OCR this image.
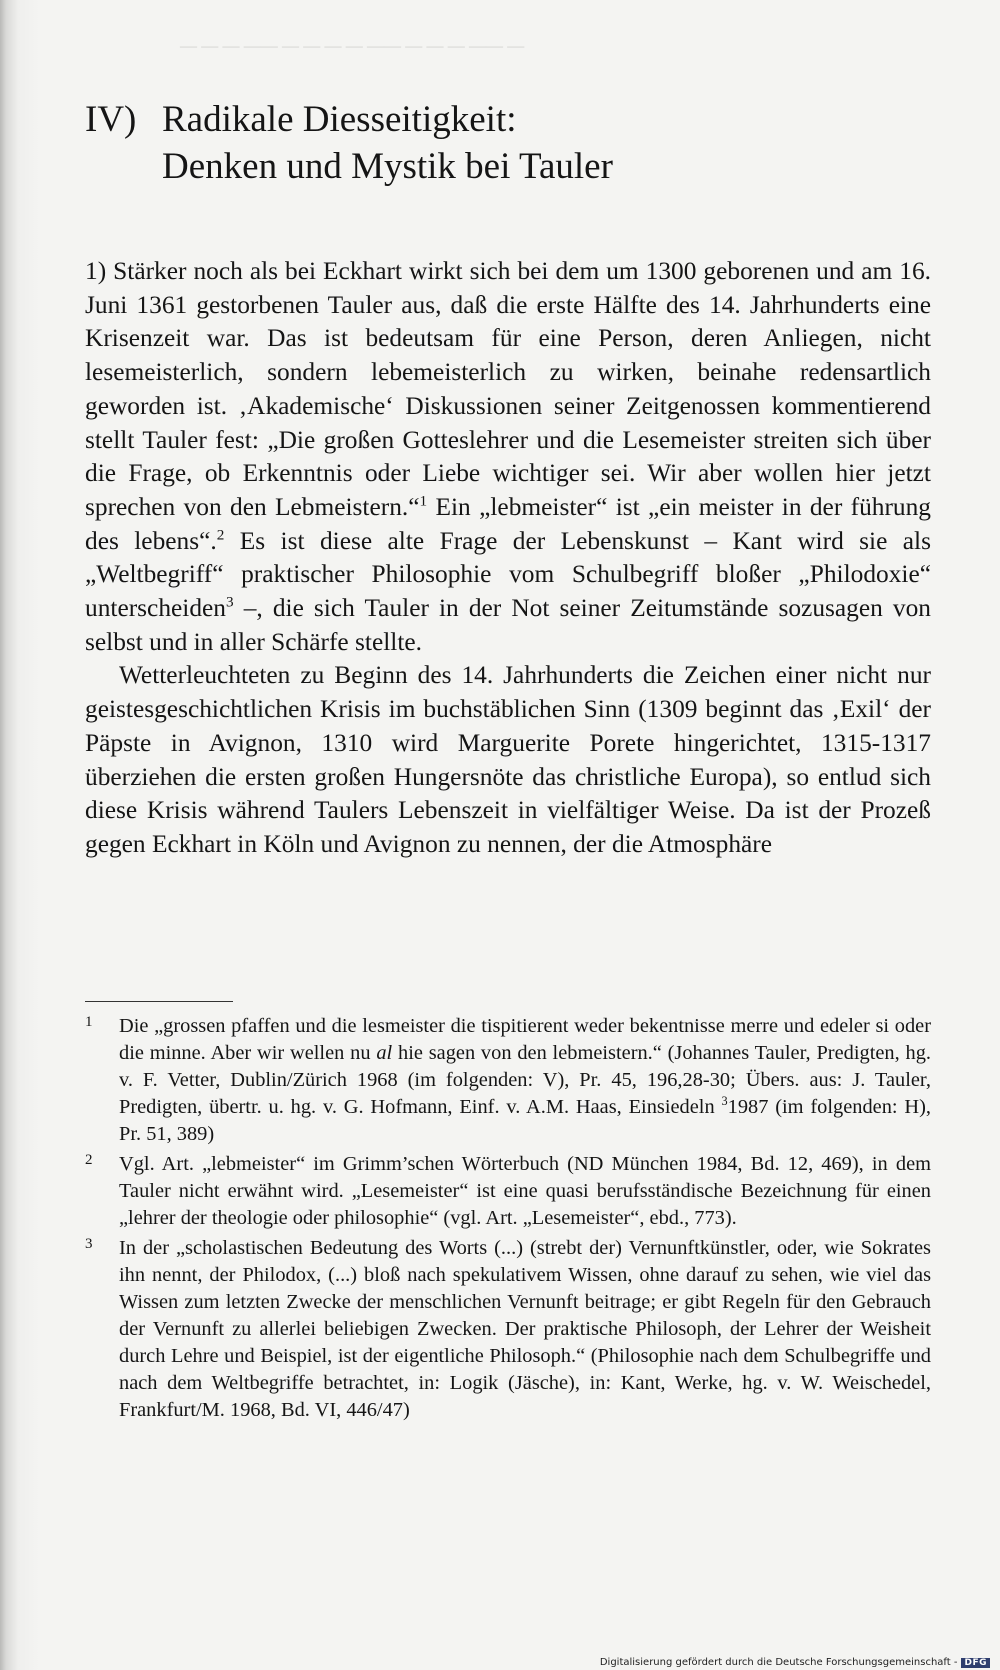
— — — —— — — — — —— — — — —— —
IV) Radikale Diesseitigkeit:
Denken und Mystik bei Tauler

1) Stärker noch als bei Eckhart wirkt sich bei dem um 1300 geborenen und am 16. Juni 1361 gestorbenen Tauler aus, daß die erste Hälfte des 14. Jahrhunderts eine Krisenzeit war. Das ist bedeutsam für eine Person, deren Anliegen, nicht lesemeisterlich, sondern lebemeisterlich zu wirken, beinahe redensartlich geworden ist. ‚Akademische‘ Diskussionen seiner Zeitgenossen kommentierend stellt Tauler fest: „Die großen Gotteslehrer und die Lesemeister streiten sich über die Frage, ob Erkenntnis oder Liebe wichtiger sei. Wir aber wollen hier jetzt sprechen von den Lebmeistern.“$^1$ Ein „lebmeister“ ist „ein meister in der führung des lebens“.$^2$ Es ist diese alte Frage der Lebenskunst – Kant wird sie als „Weltbegriff“ praktischer Philosophie vom Schulbegriff bloßer „Philodoxie“ unterscheiden$^3$ –, die sich Tauler in der Not seiner Zeitumstände sozusagen von selbst und in aller Schärfe stellte.

Wetterleuchteten zu Beginn des 14. Jahrhunderts die Zeichen einer nicht nur geistesgeschichtlichen Krisis im buchstäblichen Sinn (1309 beginnt das ‚Exil‘ der Päpste in Avignon, 1310 wird Marguerite Porete hingerichtet, 1315-1317 überziehen die ersten großen Hungersnöte das christliche Europa), so entlud sich diese Krisis während Taulers Lebenszeit in vielfältiger Weise. Da ist der Prozeß gegen Eckhart in Köln und Avignon zu nennen, der die Atmosphäre

1 Die „grossen pfaffen und die lesmeister die tispitierent weder bekentnisse merre und edeler si oder die minne. Aber wir wellen nu al hie sagen von den lebmeistern.“ (Johannes Tauler, Predigten, hg. v. F. Vetter, Dublin/Zürich 1968 (im folgenden: V), Pr. 45, 196,28-30; Übers. aus: J. Tauler, Predigten, übertr. u. hg. v. G. Hofmann, Einf. v. A.M. Haas, Einsiedeln $^3$1987 (im folgenden: H), Pr. 51, 389)
2 Vgl. Art. „lebmeister“ im Grimm’schen Wörterbuch (ND München 1984, Bd. 12, 469), in dem Tauler nicht erwähnt wird. „Lesemeister“ ist eine quasi berufsständische Bezeichnung für einen „lehrer der theologie oder philosophie“ (vgl. Art. „Lesemeister“, ebd., 773).
3 In der „scholastischen Bedeutung des Worts (...) (strebt der) Vernunftkünstler, oder, wie Sokrates ihn nennt, der Philodox, (...) bloß nach spekulativem Wissen, ohne darauf zu sehen, wie viel das Wissen zum letzten Zwecke der menschlichen Vernunft beitrage; er gibt Regeln für den Gebrauch der Vernunft zu allerlei beliebigen Zwecken. Der praktische Philosoph, der Lehrer der Weisheit durch Lehre und Beispiel, ist der eigentliche Philosoph.“ (Philosophie nach dem Schulbegriffe und nach dem Weltbegriffe betrachtet, in: Logik (Jäsche), in: Kant, Werke, hg. v. W. Weischedel, Frankfurt/M. 1968, Bd. VI, 446/47)
Digitalisierung gefördert durch die Deutsche Forschungsgemeinschaft - DFG
